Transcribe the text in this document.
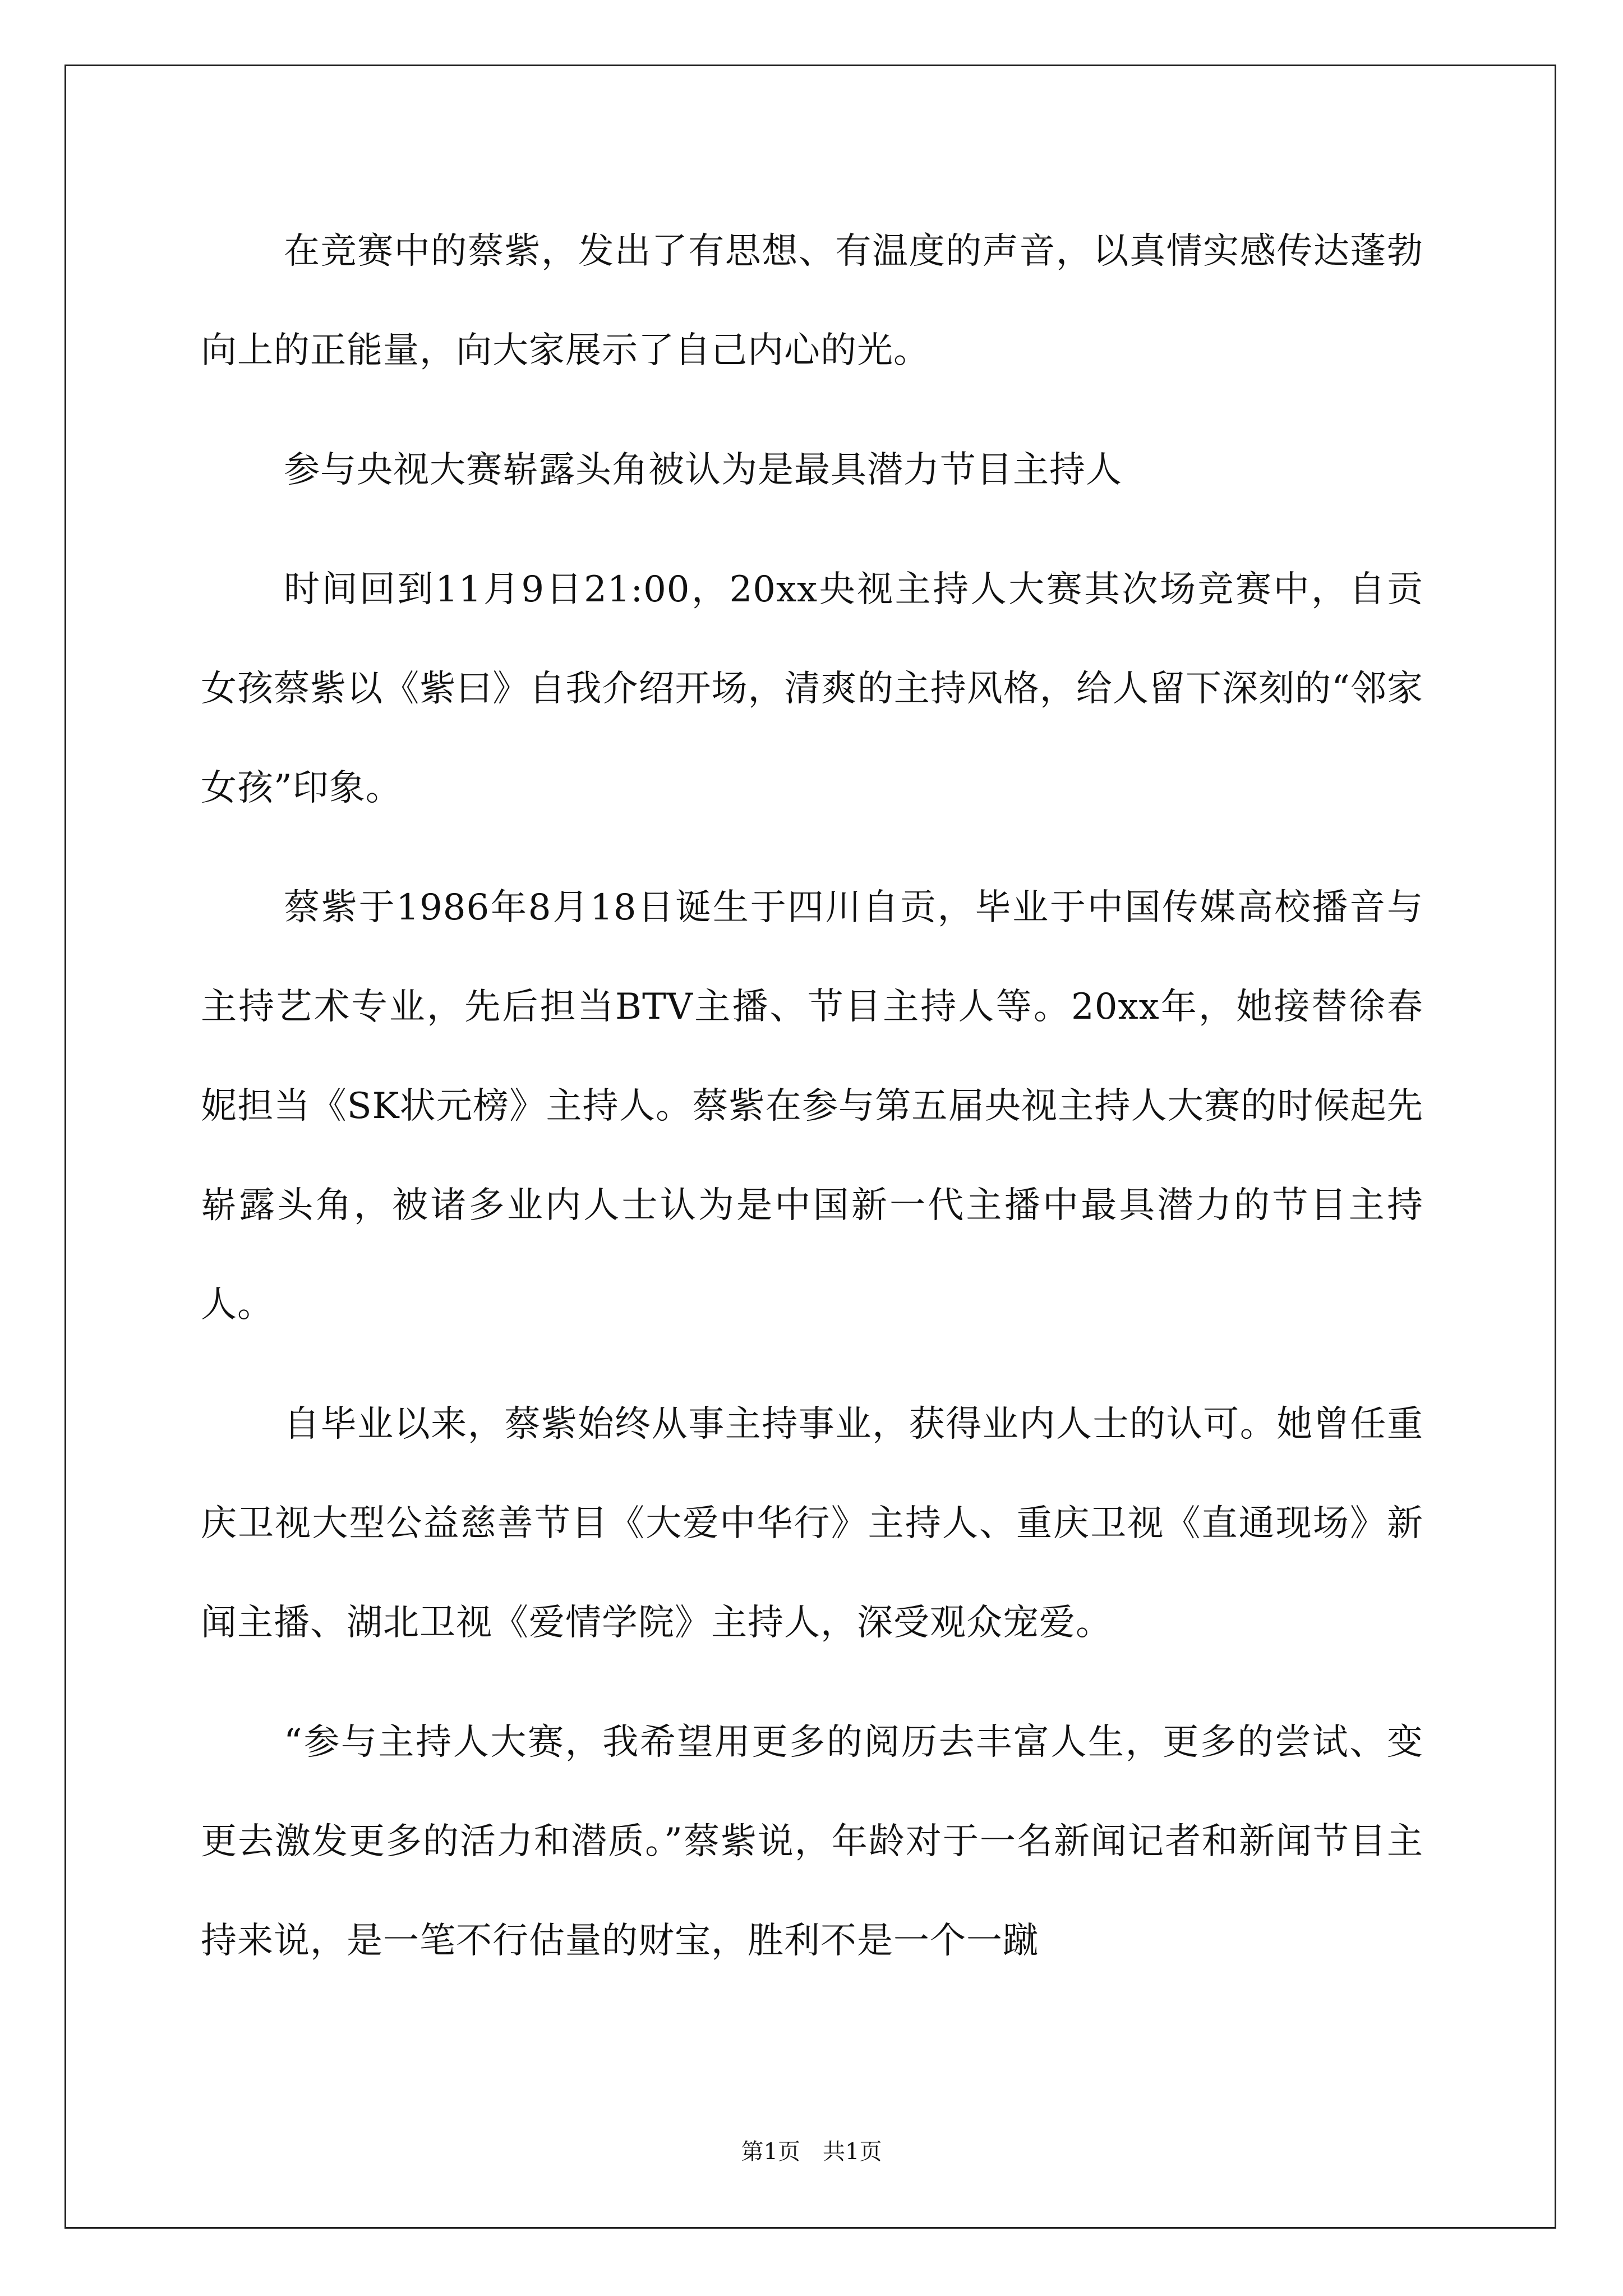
在竞赛中的蔡紫，发出了有思想、有温度的声音，以真情实感传达蓬勃向上的正能量，向大家展示了自己内心的光。

参与央视大赛崭露头角被认为是最具潜力节目主持人

时间回到11月9日21:00，20xx央视主持人大赛其次场竞赛中，自贡女孩蔡紫以《紫曰》自我介绍开场，清爽的主持风格，给人留下深刻的“邻家女孩”印象。

蔡紫于1986年8月18日诞生于四川自贡，毕业于中国传媒高校播音与主持艺术专业，先后担当BTV主播、节目主持人等。20xx年，她接替徐春妮担当《SK状元榜》主持人。蔡紫在参与第五届央视主持人大赛的时候起先崭露头角，被诸多业内人士认为是中国新一代主播中最具潜力的节目主持人。

自毕业以来，蔡紫始终从事主持事业，获得业内人士的认可。她曾任重庆卫视大型公益慈善节目《大爱中华行》主持人、重庆卫视《直通现场》新闻主播、湖北卫视《爱情学院》主持人，深受观众宠爱。

“参与主持人大赛，我希望用更多的阅历去丰富人生，更多的尝试、变更去激发更多的活力和潜质。”蔡紫说，年龄对于一名新闻记者和新闻节目主持来说，是一笔不行估量的财宝，胜利不是一个一蹴

第1页　共1页
